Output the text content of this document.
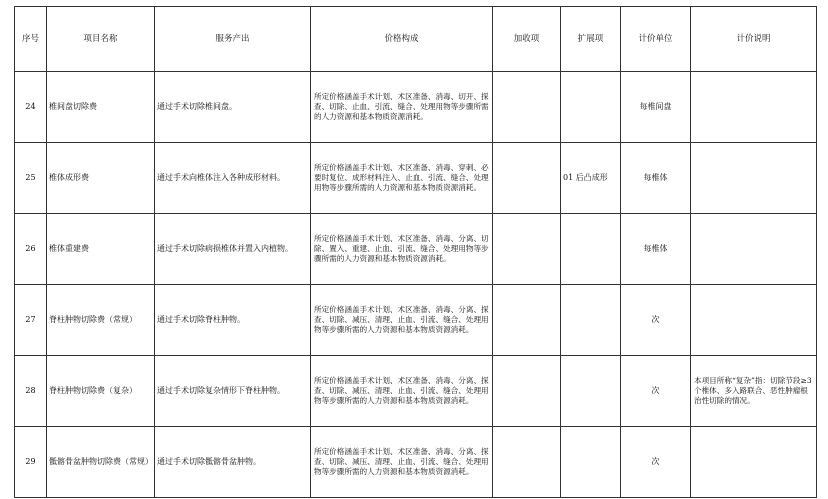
序号	项目名称	服务产出	价格构成	加收项	扩展项	计价单位	计价说明
24	椎间盘切除费	通过手术切除椎间盘。	所定价格涵盖手术计划、术区准备、消毒、切开、探查、切除、止血、引流、缝合、处理用物等步骤所需的人力资源和基本物质资源消耗。			每椎间盘	
25	椎体成形费	通过手术向椎体注入各种成形材料。	所定价格涵盖手术计划、术区准备、消毒、穿刺、必要时复位、成形材料注入、止血、引流、缝合、处理用物等步骤所需的人力资源和基本物质资源消耗。		01 后凸成形	每椎体	
26	椎体重建费	通过手术切除病损椎体并置入内植物。	所定价格涵盖手术计划、术区准备、消毒、分离、切除、置入、重建、止血、引流、缝合、处理用物等步骤所需的人力资源和基本物质资源消耗。			每椎体	
27	脊柱肿物切除费（常规）	通过手术切除脊柱肿物。	所定价格涵盖手术计划、术区准备、消毒、分离、探查、切除、减压、清理、止血、引流、缝合、处理用物等步骤所需的人力资源和基本物质资源消耗。			次	
28	脊柱肿物切除费（复杂）	通过手术切除复杂情形下脊柱肿物。	所定价格涵盖手术计划、术区准备、消毒、分离、探查、切除、减压、清理、止血、引流、缝合、处理用物等步骤所需的人力资源和基本物质资源消耗。			次	本项目所称“复杂”指：切除节段≥3个椎体、多入路联合、恶性肿瘤根治性切除的情况。
29	骶髂骨盆肿物切除费（常规）	通过手术切除骶髂骨盆肿物。	所定价格涵盖手术计划、术区准备、消毒、分离、探查、切除、减压、清理、止血、引流、缝合、处理用物等步骤所需的人力资源和基本物质资源消耗。			次	
